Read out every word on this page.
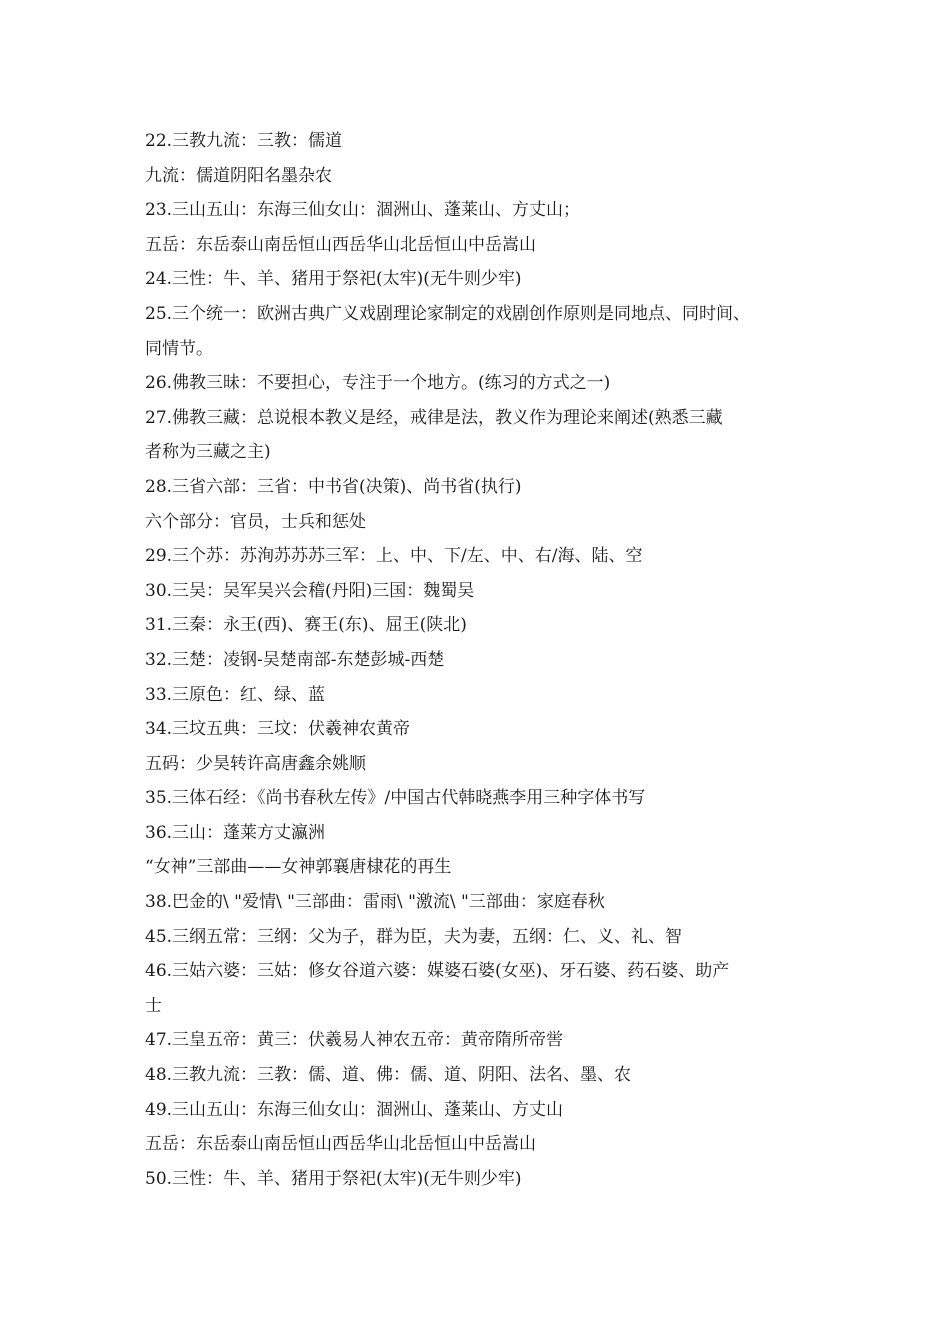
22.三教九流：三教：儒道
九流：儒道阴阳名墨杂农
23.三山五山：东海三仙女山：涸洲山、蓬莱山、方丈山；
五岳：东岳泰山南岳恒山西岳华山北岳恒山中岳嵩山
24.三性：牛、羊、猪用于祭祀(太牢)(无牛则少牢)
25.三个统一：欧洲古典广义戏剧理论家制定的戏剧创作原则是同地点、同时间、
同情节。
26.佛教三昧：不要担心，专注于一个地方。(练习的方式之一)
27.佛教三藏：总说根本教义是经，戒律是法，教义作为理论来阐述(熟悉三藏
者称为三藏之主)
28.三省六部：三省：中书省(决策)、尚书省(执行)
六个部分：官员，士兵和惩处
29.三个苏：苏洵苏苏苏三军：上、中、下/左、中、右/海、陆、空
30.三吴：吴军吴兴会稽(丹阳)三国：魏蜀吴
31.三秦：永王(西)、赛王(东)、屈王(陕北)
32.三楚：凌钢-吴楚南部-东楚彭城-西楚
33.三原色：红、绿、蓝
34.三坟五典：三坟：伏羲神农黄帝
五码：少昊转许高唐鑫余姚顺
35.三体石经：《尚书春秋左传》/中国古代韩晓燕李用三种字体书写
36.三山：蓬莱方丈瀛洲
“女神”三部曲——女神郭襄唐棣花的再生
38.巴金的\ "爱情\ "三部曲：雷雨\ "激流\ "三部曲：家庭春秋
45.三纲五常：三纲：父为子，群为臣，夫为妻，五纲：仁、义、礼、智
46.三姑六婆：三姑：修女谷道六婆：媒婆石婆(女巫)、牙石婆、药石婆、助产
士
47.三皇五帝：黄三：伏羲易人神农五帝：黄帝隋所帝喾
48.三教九流：三教：儒、道、佛：儒、道、阴阳、法名、墨、农
49.三山五山：东海三仙女山：涸洲山、蓬莱山、方丈山
五岳：东岳泰山南岳恒山西岳华山北岳恒山中岳嵩山
50.三性：牛、羊、猪用于祭祀(太牢)(无牛则少牢)
